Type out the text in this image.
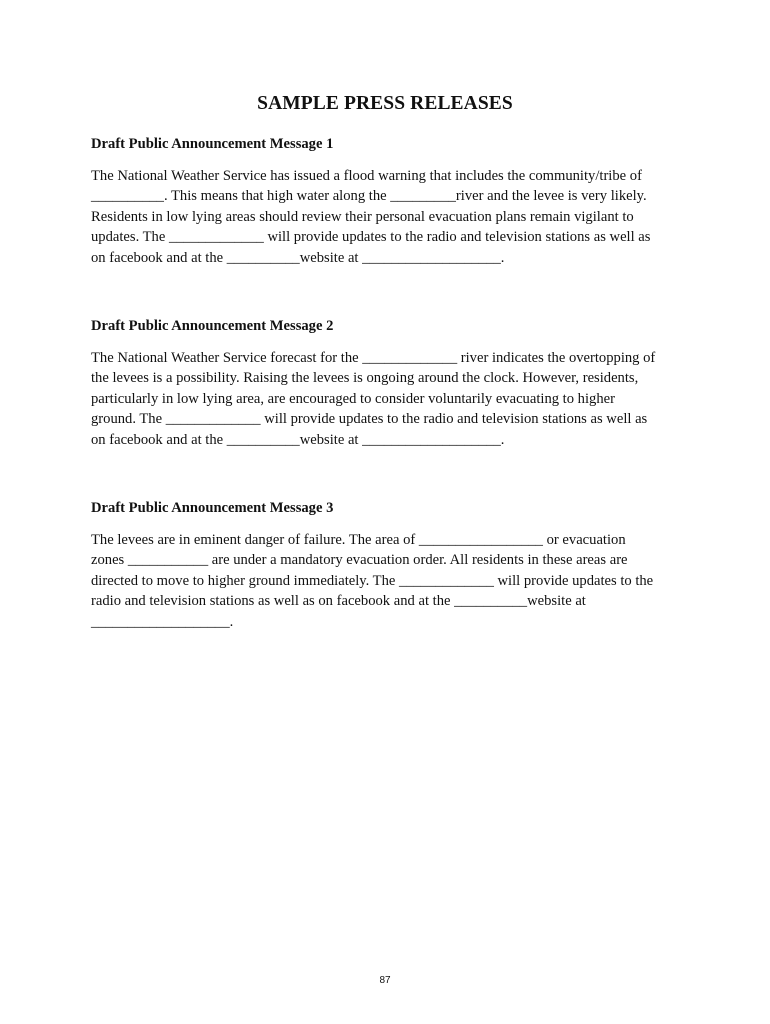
SAMPLE PRESS RELEASES
Draft Public Announcement Message 1

The National Weather Service has issued a flood warning that includes the community/tribe of
__________. This means that high water along the _________river and the levee is very likely.
Residents in low lying areas should review their personal evacuation plans remain vigilant to
updates. The _____________ will provide updates to the radio and television stations as well as
on facebook and at the __________website at ___________________.

Draft Public Announcement Message 2

The National Weather Service forecast for the _____________ river indicates the overtopping of
the levees is a possibility. Raising the levees is ongoing around the clock. However, residents,
particularly in low lying area, are encouraged to consider voluntarily evacuating to higher
ground. The _____________ will provide updates to the radio and television stations as well as
on facebook and at the __________website at ___________________.

Draft Public Announcement Message 3

The levees are in eminent danger of failure. The area of _________________ or evacuation
zones ___________ are under a mandatory evacuation order. All residents in these areas are
directed to move to higher ground immediately. The _____________ will provide updates to the
radio and television stations as well as on facebook and at the __________website at
___________________.

87
